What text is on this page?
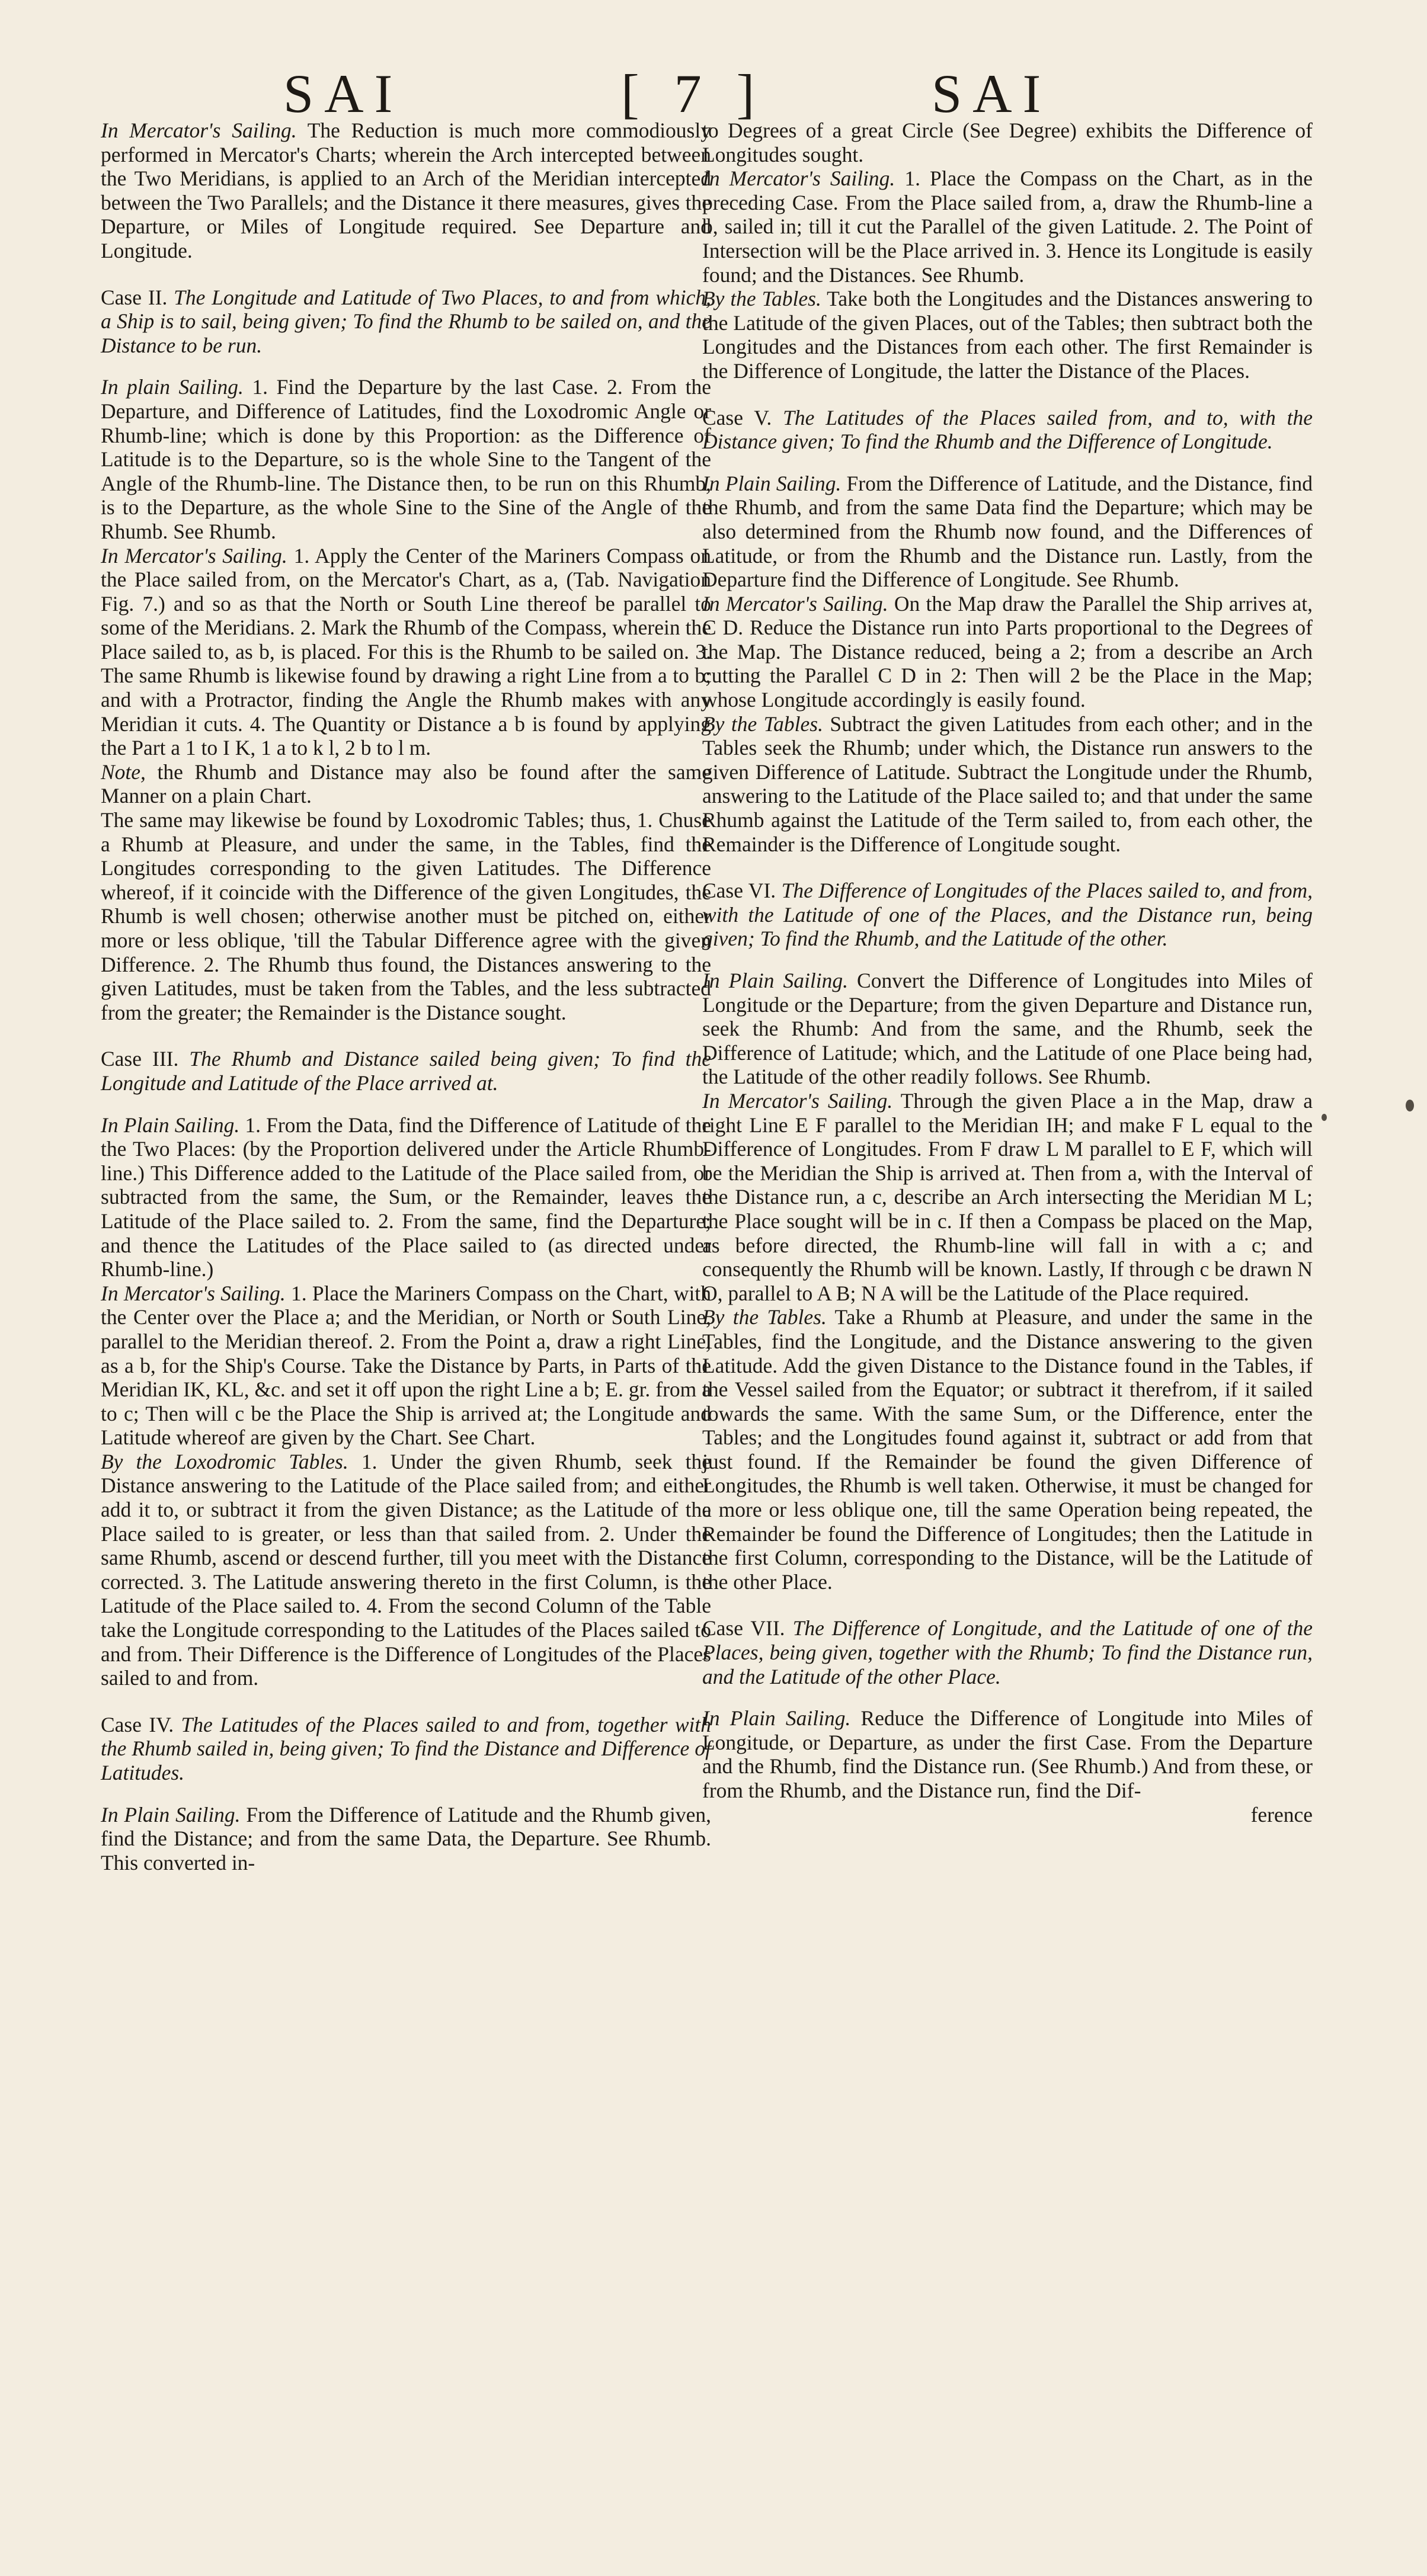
SAI	[ 7 ]	SAI

In Mercator's Sailing. The Reduction is much more commodiously performed in Mercator's Charts; wherein the Arch intercepted between the Two Meridians, is applied to an Arch of the Meridian intercepted between the Two Parallels; and the Distance it there measures, gives the Departure, or Miles of Longitude required. See Departure and Longitude.

Case II. The Longitude and Latitude of Two Places, to and from which, a Ship is to sail, being given; To find the Rhumb to be sailed on, and the Distance to be run.

In plain Sailing. 1. Find the Departure by the last Case. 2. From the Departure, and Difference of Latitudes, find the Loxodromic Angle or Rhumb-line; which is done by this Proportion: as the Difference of Latitude is to the Departure, so is the whole Sine to the Tangent of the Angle of the Rhumb-line. The Distance then, to be run on this Rhumb, is to the Departure, as the whole Sine to the Sine of the Angle of the Rhumb. See Rhumb.

In Mercator's Sailing. 1. Apply the Center of the Mariners Compass on the Place sailed from, on the Mercator's Chart, as a, (Tab. Navigation Fig. 7.) and so as that the North or South Line thereof be parallel to some of the Meridians. 2. Mark the Rhumb of the Compass, wherein the Place sailed to, as b, is placed. For this is the Rhumb to be sailed on. 3. The same Rhumb is likewise found by drawing a right Line from a to b; and with a Protractor, finding the Angle the Rhumb makes with any Meridian it cuts. 4. The Quantity or Distance a b is found by applying the Part a 1 to I K, 1 a to k l, 2 b to l m.

Note, the Rhumb and Distance may also be found after the same Manner on a plain Chart.

The same may likewise be found by Loxodromic Tables; thus, 1. Chuse a Rhumb at Pleasure, and under the same, in the Tables, find the Longitudes corresponding to the given Latitudes. The Difference whereof, if it coincide with the Difference of the given Longitudes, the Rhumb is well chosen; otherwise another must be pitched on, either more or less oblique, 'till the Tabular Difference agree with the given Difference. 2. The Rhumb thus found, the Distances answering to the given Latitudes, must be taken from the Tables, and the less subtracted from the greater; the Remainder is the Distance sought.

Case III. The Rhumb and Distance sailed being given; To find the Longitude and Latitude of the Place arrived at.

In Plain Sailing. 1. From the Data, find the Difference of Latitude of the the Two Places: (by the Proportion delivered under the Article Rhumb-line.) This Difference added to the Latitude of the Place sailed from, or subtracted from the same, the Sum, or the Remainder, leaves the Latitude of the Place sailed to. 2. From the same, find the Departure; and thence the Latitudes of the Place sailed to (as directed under Rhumb-line.)

In Mercator's Sailing. 1. Place the Mariners Compass on the Chart, with the Center over the Place a; and the Meridian, or North or South Line, parallel to the Meridian thereof. 2. From the Point a, draw a right Line, as a b, for the Ship's Course. Take the Distance by Parts, in Parts of the Meridian IK, KL, &c. and set it off upon the right Line a b; E. gr. from a to c; Then will c be the Place the Ship is arrived at; the Longitude and Latitude whereof are given by the Chart. See Chart.

By the Loxodromic Tables. 1. Under the given Rhumb, seek the Distance answering to the Latitude of the Place sailed from; and either add it to, or subtract it from the given Distance; as the Latitude of the Place sailed to is greater, or less than that sailed from. 2. Under the same Rhumb, ascend or descend further, till you meet with the Distance corrected. 3. The Latitude answering thereto in the first Column, is the Latitude of the Place sailed to. 4. From the second Column of the Table take the Longitude corresponding to the Latitudes of the Places sailed to and from. Their Difference is the Difference of Longitudes of the Places sailed to and from.

Case IV. The Latitudes of the Places sailed to and from, together with the Rhumb sailed in, being given; To find the Distance and Difference of Latitudes.

In Plain Sailing. From the Difference of Latitude and the Rhumb given, find the Distance; and from the same Data, the Departure. See Rhumb. This converted in-

to Degrees of a great Circle (See Degree) exhibits the Difference of Longitudes sought.

In Mercator's Sailing. 1. Place the Compass on the Chart, as in the preceding Case. From the Place sailed from, a, draw the Rhumb-line a b, sailed in; till it cut the Parallel of the given Latitude. 2. The Point of Intersection will be the Place arrived in. 3. Hence its Longitude is easily found; and the Distances. See Rhumb.

By the Tables. Take both the Longitudes and the Distances answering to the Latitude of the given Places, out of the Tables; then subtract both the Longitudes and the Distances from each other. The first Remainder is the Difference of Longitude, the latter the Distance of the Places.

Case V. The Latitudes of the Places sailed from, and to, with the Distance given; To find the Rhumb and the Difference of Longitude.

In Plain Sailing. From the Difference of Latitude, and the Distance, find the Rhumb, and from the same Data find the Departure; which may be also determined from the Rhumb now found, and the Differences of Latitude, or from the Rhumb and the Distance run. Lastly, from the Departure find the Difference of Longitude. See Rhumb.

In Mercator's Sailing. On the Map draw the Parallel the Ship arrives at, C D. Reduce the Distance run into Parts proportional to the Degrees of the Map. The Distance reduced, being a 2; from a describe an Arch cutting the Parallel C D in 2: Then will 2 be the Place in the Map; whose Longitude accordingly is easily found.

By the Tables. Subtract the given Latitudes from each other; and in the Tables seek the Rhumb; under which, the Distance run answers to the given Difference of Latitude. Subtract the Longitude under the Rhumb, answering to the Latitude of the Place sailed to; and that under the same Rhumb against the Latitude of the Term sailed to, from each other, the Remainder is the Difference of Longitude sought.

Case VI. The Difference of Longitudes of the Places sailed to, and from, with the Latitude of one of the Places, and the Distance run, being given; To find the Rhumb, and the Latitude of the other.

In Plain Sailing. Convert the Difference of Longitudes into Miles of Longitude or the Departure; from the given Departure and Distance run, seek the Rhumb: And from the same, and the Rhumb, seek the Difference of Latitude; which, and the Latitude of one Place being had, the Latitude of the other readily follows. See Rhumb.

In Mercator's Sailing. Through the given Place a in the Map, draw a right Line E F parallel to the Meridian IH; and make F L equal to the Difference of Longitudes. From F draw L M parallel to E F, which will be the Meridian the Ship is arrived at. Then from a, with the Interval of the Distance run, a c, describe an Arch intersecting the Meridian M L; the Place sought will be in c. If then a Compass be placed on the Map, as before directed, the Rhumb-line will fall in with a c; and consequently the Rhumb will be known. Lastly, If through c be drawn N O, parallel to A B; N A will be the Latitude of the Place required.

By the Tables. Take a Rhumb at Pleasure, and under the same in the Tables, find the Longitude, and the Distance answering to the given Latitude. Add the given Distance to the Distance found in the Tables, if the Vessel sailed from the Equator; or subtract it therefrom, if it sailed towards the same. With the same Sum, or the Difference, enter the Tables; and the Longitudes found against it, subtract or add from that just found. If the Remainder be found the given Difference of Longitudes, the Rhumb is well taken. Otherwise, it must be changed for a more or less oblique one, till the same Operation being repeated, the Remainder be found the Difference of Longitudes; then the Latitude in the first Column, corresponding to the Distance, will be the Latitude of the other Place.

Case VII. The Difference of Longitude, and the Latitude of one of the Places, being given, together with the Rhumb; To find the Distance run, and the Latitude of the other Place.

In Plain Sailing. Reduce the Difference of Longitude into Miles of Longitude, or Departure, as under the first Case. From the Departure and the Rhumb, find the Distance run. (See Rhumb.) And from these, or from the Rhumb, and the Distance run, find the Dif-

ference
